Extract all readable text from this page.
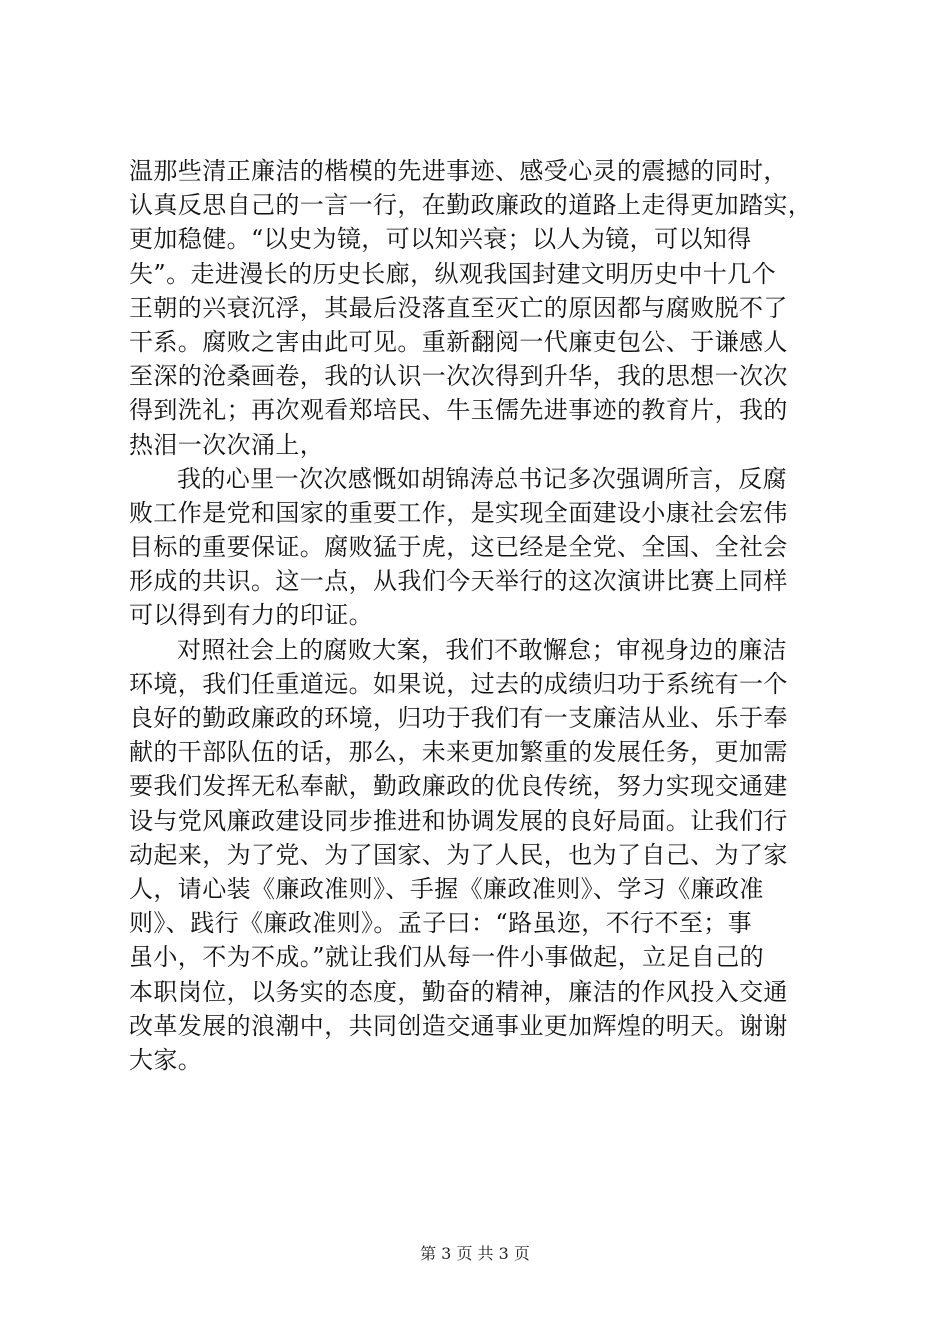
温那些清正廉洁的楷模的先进事迹、感受心灵的震撼的同时，
认真反思自己的一言一行，在勤政廉政的道路上走得更加踏实，
更加稳健。“以史为镜，可以知兴衰；以人为镜，可以知得
失”。走进漫长的历史长廊，纵观我国封建文明历史中十几个
王朝的兴衰沉浮，其最后没落直至灭亡的原因都与腐败脱不了
干系。腐败之害由此可见。重新翻阅一代廉吏包公、于谦感人
至深的沧桑画卷，我的认识一次次得到升华，我的思想一次次
得到洗礼；再次观看郑培民、牛玉儒先进事迹的教育片，我的
热泪一次次涌上，
我的心里一次次感慨如胡锦涛总书记多次强调所言，反腐
败工作是党和国家的重要工作，是实现全面建设小康社会宏伟
目标的重要保证。腐败猛于虎，这已经是全党、全国、全社会
形成的共识。这一点，从我们今天举行的这次演讲比赛上同样
可以得到有力的印证。
对照社会上的腐败大案，我们不敢懈怠；审视身边的廉洁
环境，我们任重道远。如果说，过去的成绩归功于系统有一个
良好的勤政廉政的环境，归功于我们有一支廉洁从业、乐于奉
献的干部队伍的话，那么，未来更加繁重的发展任务，更加需
要我们发挥无私奉献，勤政廉政的优良传统，努力实现交通建
设与党风廉政建设同步推进和协调发展的良好局面。让我们行
动起来，为了党、为了国家、为了人民，也为了自己、为了家
人，请心装《廉政准则》、手握《廉政准则》、学习《廉政准
则》、践行《廉政准则》。孟子曰：“路虽迩，不行不至；事
虽小，不为不成。”就让我们从每一件小事做起，立足自己的
本职岗位，以务实的态度，勤奋的精神，廉洁的作风投入交通
改革发展的浪潮中，共同创造交通事业更加辉煌的明天。谢谢
大家。
第 3 页 共 3 页
